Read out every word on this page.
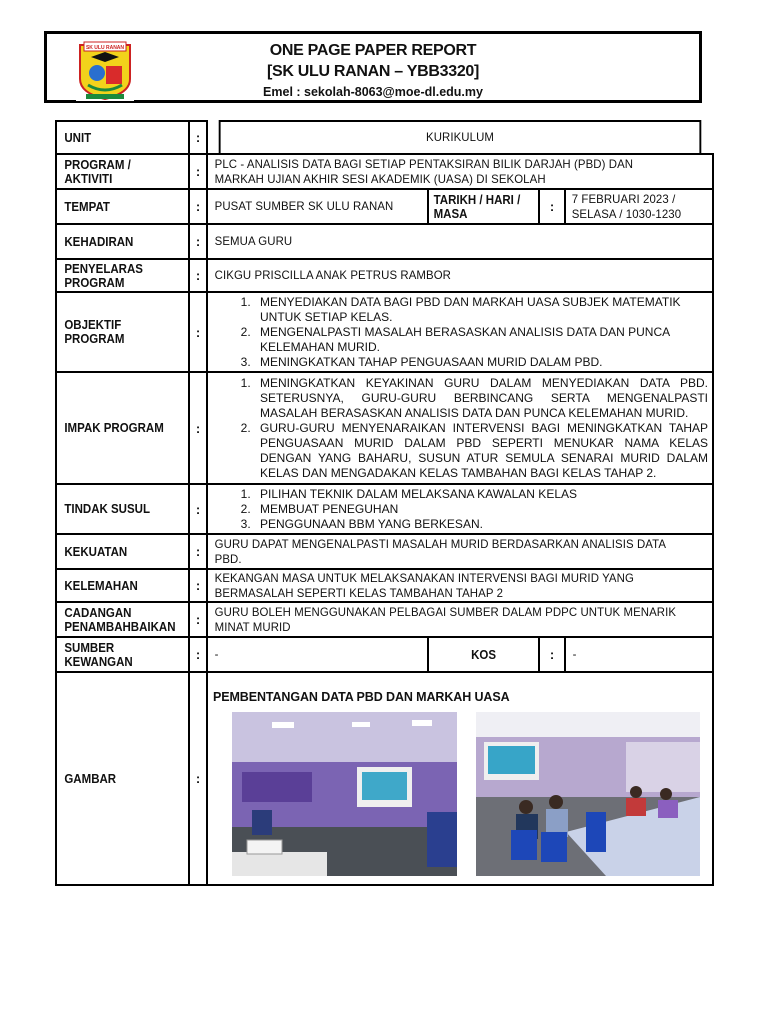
SK ULU RANAN	ONE PAGE PAPER REPORT
[SK ULU RANAN – YBB3320]
Emel : sekolah-8063@moe-dl.edu.my
UNIT	:	KURIKULUM
PROGRAM / AKTIVITI	:	PLC - ANALISIS DATA BAGI SETIAP PENTAKSIRAN BILIK DARJAH (PBD) DAN MARKAH UJIAN AKHIR SESI AKADEMIK (UASA) DI SEKOLAH
TEMPAT	:	PUSAT SUMBER SK ULU RANAN	TARIKH / HARI / MASA	:	7 FEBRUARI 2023 / SELASA / 1030-1230
KEHADIRAN	:	SEMUA GURU
PENYELARAS PROGRAM	:	CIKGU PRISCILLA ANAK PETRUS RAMBOR
OBJEKTIF PROGRAM	:
1. MENYEDIAKAN DATA BAGI PBD DAN MARKAH UASA SUBJEK MATEMATIK UNTUK SETIAP KELAS.
2. MENGENALPASTI MASALAH BERASASKAN ANALISIS DATA DAN PUNCA KELEMAHAN MURID.
3. MENINGKATKAN TAHAP PENGUASAAN MURID DALAM PBD.
IMPAK PROGRAM	:
1. MENINGKATKAN KEYAKINAN GURU DALAM MENYEDIAKAN DATA PBD. SETERUSNYA, GURU-GURU BERBINCANG SERTA MENGENALPASTI MASALAH BERASASKAN ANALISIS DATA DAN PUNCA KELEMAHAN MURID.
2. GURU-GURU MENYENARAIKAN INTERVENSI BAGI MENINGKATKAN TAHAP PENGUASAAN MURID DALAM PBD SEPERTI MENUKAR NAMA KELAS DENGAN YANG BAHARU, SUSUN ATUR SEMULA SENARAI MURID DALAM KELAS DAN MENGADAKAN KELAS TAMBAHAN BAGI KELAS TAHAP 2.
TINDAK SUSUL	:
1. PILIHAN TEKNIK DALAM MELAKSANA KAWALAN KELAS
2. MEMBUAT PENEGUHAN
3. PENGGUNAAN BBM YANG BERKESAN.
KEKUATAN	:	GURU DAPAT MENGENALPASTI MASALAH MURID BERDASARKAN ANALISIS DATA PBD.
KELEMAHAN	:	KEKANGAN MASA UNTUK MELAKSANAKAN INTERVENSI BAGI MURID YANG BERMASALAH SEPERTI KELAS TAMBAHAN TAHAP 2
CADANGAN PENAMBAHBAIKAN	:	GURU BOLEH MENGGUNAKAN PELBAGAI SUMBER DALAM PDPC UNTUK MENARIK MINAT MURID
SUMBER KEWANGAN	:	-	KOS	:	-
GAMBAR	:
PEMBENTANGAN DATA PBD DAN MARKAH UASA
